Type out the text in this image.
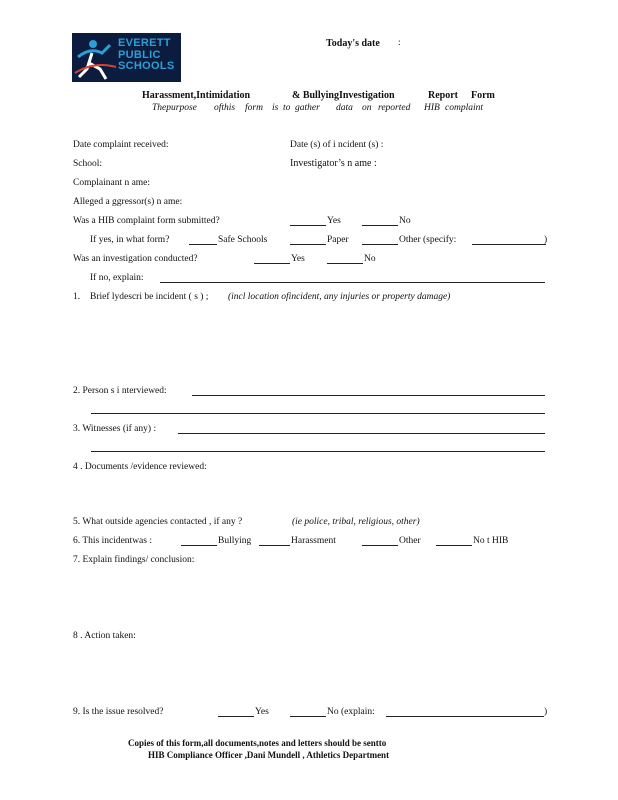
EVERETT
PUBLIC
SCHOOLS
Today's date :
Harassment,Intimidation	& BullyingInvestigation	Report Form
Thepurpose ofthis form is to gather data on reported HIB complaint
Date complaint received:	Date (s) of i ncident (s) :
School:	Investigator’s n ame :
Complainant n ame:
Alleged a ggressor(s) n ame:
Was a HIB complaint form submitted?	Yes	No
If yes, in what form?	Safe Schools	Paper	Other (specify:	)
Was an investigation conducted?	Yes	No
If no, explain:
1. Brief lydescri be incident ( s ) ; (incl location ofincident, any injuries or property damage)
2. Person s i nterviewed:
3. Witnesses (if any) :
4 . Documents /evidence reviewed:
5. What outside agencies contacted , if any ?	(ie police, tribal, religious, other)
6. This incidentwas :	Bullying	Harassment	Other	No t HIB
7. Explain findings/ conclusion:
8 . Action taken:
9. Is the issue resolved?	Yes	No (explain:	)
Copies of this form,all documents,notes and letters should be sentto
HIB Compliance Officer ,Dani Mundell , Athletics Department
